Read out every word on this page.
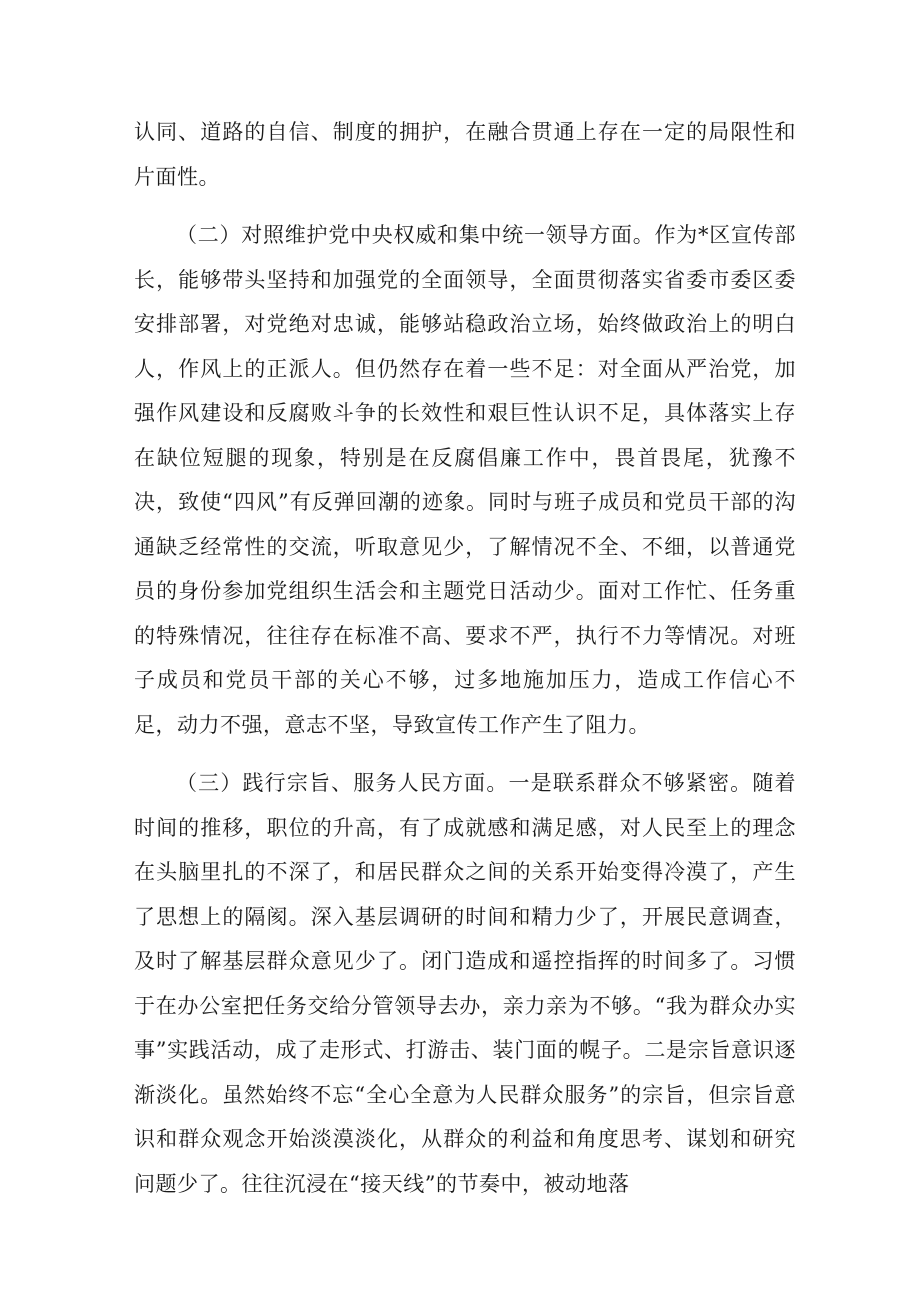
认同、道路的自信、制度的拥护，在融合贯通上存在一定的局限性和片面性。

（二）对照维护党中央权威和集中统一领导方面。作为*区宣传部长，能够带头坚持和加强党的全面领导，全面贯彻落实省委市委区委安排部署，对党绝对忠诚，能够站稳政治立场，始终做政治上的明白人，作风上的正派人。但仍然存在着一些不足：对全面从严治党，加强作风建设和反腐败斗争的长效性和艰巨性认识不足，具体落实上存在缺位短腿的现象，特别是在反腐倡廉工作中，畏首畏尾，犹豫不决，致使“四风”有反弹回潮的迹象。同时与班子成员和党员干部的沟通缺乏经常性的交流，听取意见少，了解情况不全、不细，以普通党员的身份参加党组织生活会和主题党日活动少。面对工作忙、任务重的特殊情况，往往存在标准不高、要求不严，执行不力等情况。对班子成员和党员干部的关心不够，过多地施加压力，造成工作信心不足，动力不强，意志不坚，导致宣传工作产生了阻力。

（三）践行宗旨、服务人民方面。一是联系群众不够紧密。随着时间的推移，职位的升高，有了成就感和满足感，对人民至上的理念在头脑里扎的不深了，和居民群众之间的关系开始变得冷漠了，产生了思想上的隔阂。深入基层调研的时间和精力少了，开展民意调查，及时了解基层群众意见少了。闭门造成和遥控指挥的时间多了。习惯于在办公室把任务交给分管领导去办，亲力亲为不够。“我为群众办实事”实践活动，成了走形式、打游击、装门面的幌子。二是宗旨意识逐渐淡化。虽然始终不忘“全心全意为人民群众服务”的宗旨，但宗旨意识和群众观念开始淡漠淡化，从群众的利益和角度思考、谋划和研究问题少了。往往沉浸在“接天线”的节奏中，被动地落
